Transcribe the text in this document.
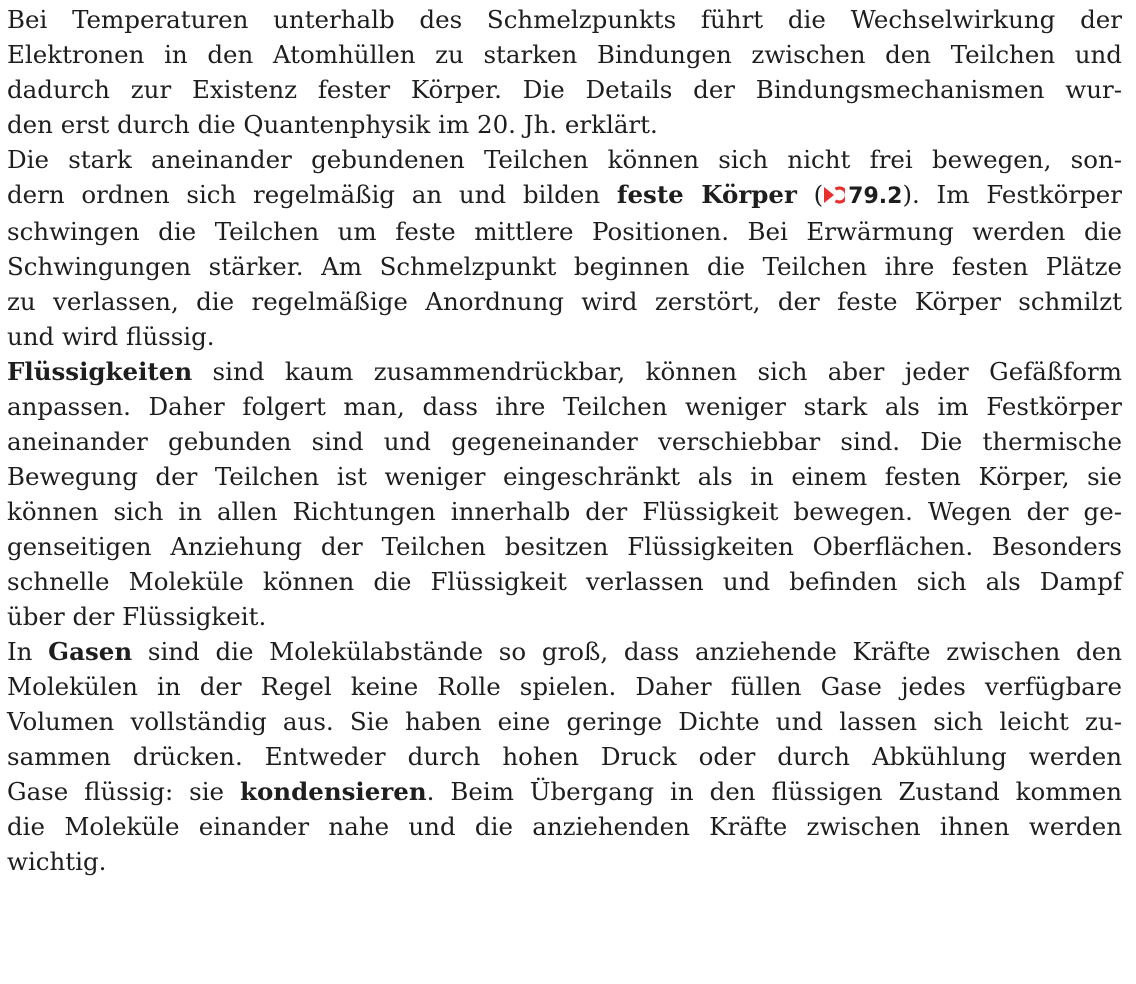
Bei Temperaturen unterhalb des Schmelzpunkts führt die Wechselwirkung der
Elektronen in den Atomhüllen zu starken Bindungen zwischen den Teilchen und
dadurch zur Existenz fester Körper. Die Details der Bindungsmechanismen wur-
den erst durch die Quantenphysik im 20. Jh. erklärt.

Die stark aneinander gebundenen Teilchen können sich nicht frei bewegen, son-
dern ordnen sich regelmäßig an und bilden feste Körper ( 79.2). Im Festkörper
schwingen die Teilchen um feste mittlere Positionen. Bei Erwärmung werden die
Schwingungen stärker. Am Schmelzpunkt beginnen die Teilchen ihre festen Plätze
zu verlassen, die regelmäßige Anordnung wird zerstört, der feste Körper schmilzt
und wird flüssig.

Flüssigkeiten sind kaum zusammendrückbar, können sich aber jeder Gefäßform
anpassen. Daher folgert man, dass ihre Teilchen weniger stark als im Festkörper
aneinander gebunden sind und gegeneinander verschiebbar sind. Die thermische
Bewegung der Teilchen ist weniger eingeschränkt als in einem festen Körper, sie
können sich in allen Richtungen innerhalb der Flüssigkeit bewegen. Wegen der ge-
genseitigen Anziehung der Teilchen besitzen Flüssigkeiten Oberflächen. Besonders
schnelle Moleküle können die Flüssigkeit verlassen und befinden sich als Dampf
über der Flüssigkeit.

In Gasen sind die Molekülabstände so groß, dass anziehende Kräfte zwischen den
Molekülen in der Regel keine Rolle spielen. Daher füllen Gase jedes verfügbare
Volumen vollständig aus. Sie haben eine geringe Dichte und lassen sich leicht zu-
sammen drücken. Entweder durch hohen Druck oder durch Abkühlung werden
Gase flüssig: sie kondensieren. Beim Übergang in den flüssigen Zustand kommen
die Moleküle einander nahe und die anziehenden Kräfte zwischen ihnen werden
wichtig.
